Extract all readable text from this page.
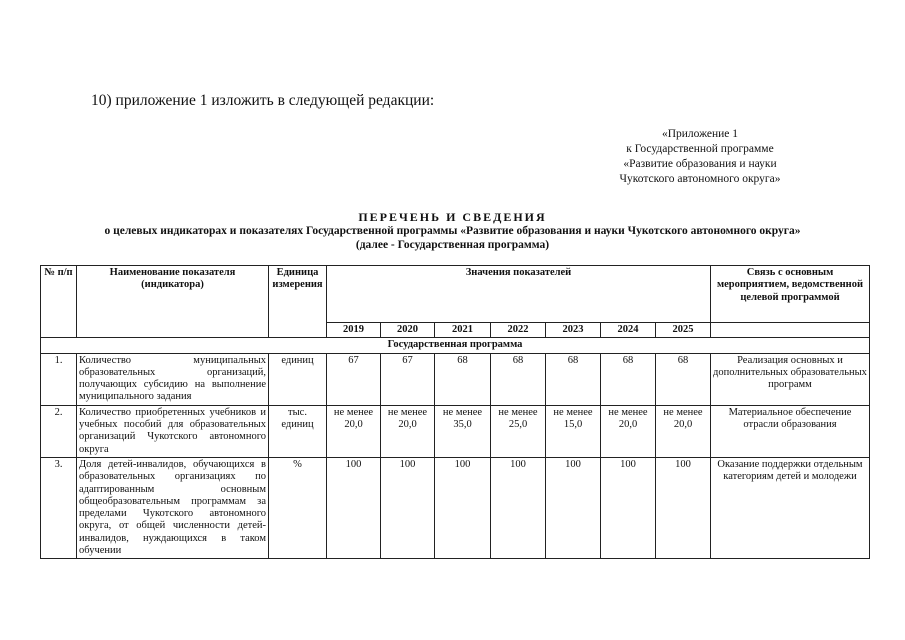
10) приложение 1 изложить в следующей редакции:
«Приложение 1
к Государственной программе
«Развитие образования и науки
Чукотского автономного округа»
ПЕРЕЧЕНЬ И СВЕДЕНИЯ
о целевых индикаторах и показателях Государственной программы «Развитие образования и науки Чукотского автономного округа»
(далее - Государственная программа)
№ п/п	Наименование показателя (индикатора)	Единица измерения	Значения показателей							Связь с основным мероприятием, ведомственной целевой программой
			2019	2020	2021	2022	2023	2024	2025	
Государственная программа										
1.	Количество муниципальных образовательных организаций, получающих субсидию на выполнение муниципального задания	единиц	67	67	68	68	68	68	68	Реализация основных и дополнительных образовательных программ
2.	Количество приобретенных учебников и учебных пособий для образовательных организаций Чукотского автономного округа	тыс. единиц	не менее 20,0	не менее 20,0	не менее 35,0	не менее 25,0	не менее 15,0	не менее 20,0	не менее 20,0	Материальное обеспечение отрасли образования
3.	Доля детей-инвалидов, обучающихся в образовательных организациях по адаптированным основным общеобразовательным программам за пределами Чукотского автономного округа, от общей численности детей-инвалидов, нуждающихся в таком обучении	%	100	100	100	100	100	100	100	Оказание поддержки отдельным категориям детей и молодежи
